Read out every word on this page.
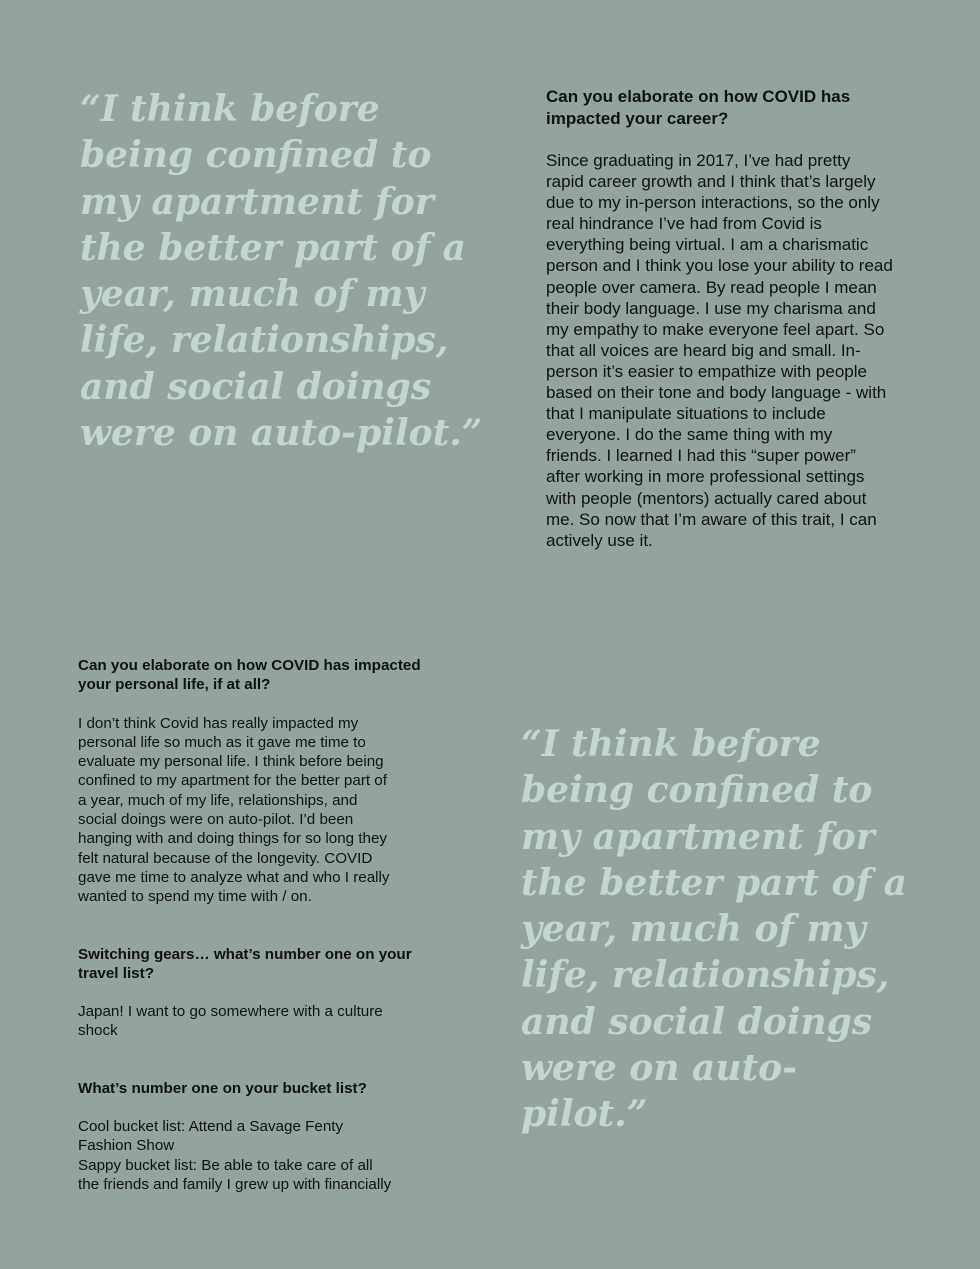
“I think before
being confined to
my apartment for
the better part of a
year, much of my
life, relationships,
and social doings
were on auto-pilot.”

Can you elaborate on how COVID has impacted your career?

Since graduating in 2017, I’ve had pretty
rapid career growth and I think that’s largely
due to my in-person interactions, so the only
real hindrance I’ve had from Covid is
everything being virtual. I am a charismatic
person and I think you lose your ability to read
people over camera. By read people I mean
their body language. I use my charisma and
my empathy to make everyone feel apart. So
that all voices are heard big and small. In-
person it’s easier to empathize with people
based on their tone and body language - with
that I manipulate situations to include
everyone. I do the same thing with my
friends. I learned I had this “super power”
after working in more professional settings
with people (mentors) actually cared about
me. So now that I’m aware of this trait, I can
actively use it.

Can you elaborate on how COVID has impacted your personal life, if at all?

I don’t think Covid has really impacted my
personal life so much as it gave me time to
evaluate my personal life. I think before being
confined to my apartment for the better part of
a year, much of my life, relationships, and
social doings were on auto-pilot. I’d been
hanging with and doing things for so long they
felt natural because of the longevity. COVID
gave me time to analyze what and who I really
wanted to spend my time with / on.

Switching gears… what’s number one on your travel list?

Japan! I want to go somewhere with a culture
shock

What’s number one on your bucket list?

Cool bucket list: Attend a Savage Fenty
Fashion Show
Sappy bucket list: Be able to take care of all
the friends and family I grew up with financially

“I think before
being confined to
my apartment for
the better part of a
year, much of my
life, relationships,
and social doings
were on auto-
pilot.”
